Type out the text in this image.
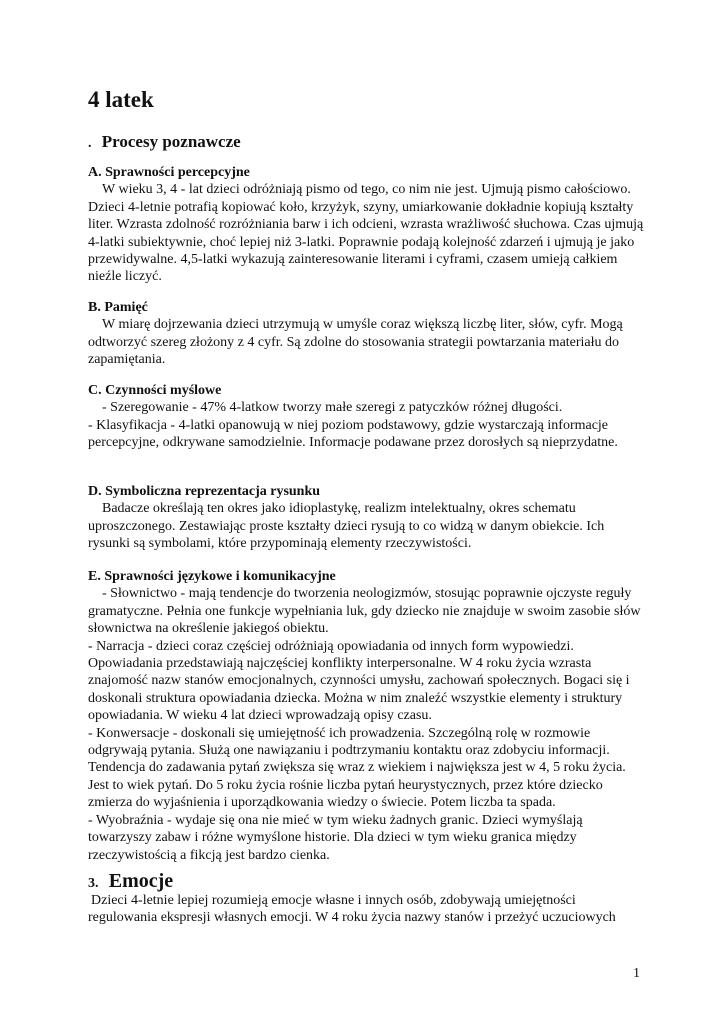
4 latek
. Procesy poznawcze
A. Sprawności percepcyjne

W wieku 3, 4 - lat dzieci odróżniają pismo od tego, co nim nie jest. Ujmują pismo całościowo. Dzieci 4-letnie potrafią kopiować koło, krzyżyk, szyny, umiarkowanie dokładnie kopiują kształty liter. Wzrasta zdolność rozróżniania barw i ich odcieni, wzrasta wrażliwość słuchowa. Czas ujmują 4-latki subiektywnie, choć lepiej niż 3-latki. Poprawnie podają kolejność zdarzeń i ujmują je jako przewidywalne. 4,5-latki wykazują zainteresowanie literami i cyframi, czasem umieją całkiem nieźle liczyć.

B. Pamięć

W miarę dojrzewania dzieci utrzymują w umyśle coraz większą liczbę liter, słów, cyfr. Mogą odtworzyć szereg złożony z 4 cyfr. Są zdolne do stosowania strategii powtarzania materiału do zapamiętania.

C. Czynności myślowe

- Szeregowanie - 47% 4-latkow tworzy małe szeregi z patyczków różnej długości.

- Klasyfikacja - 4-latki opanowują w niej poziom podstawowy, gdzie wystarczają informacje percepcyjne, odkrywane samodzielnie. Informacje podawane przez dorosłych są nieprzydatne.

D. Symboliczna reprezentacja rysunku

Badacze określają ten okres jako idioplastykę, realizm intelektualny, okres schematu uproszczonego. Zestawiając proste kształty dzieci rysują to co widzą w danym obiekcie. Ich rysunki są symbolami, które przypominają elementy rzeczywistości.

E. Sprawności językowe i komunikacyjne

- Słownictwo - mają tendencje do tworzenia neologizmów, stosując poprawnie ojczyste reguły gramatyczne. Pełnia one funkcje wypełniania luk, gdy dziecko nie znajduje w swoim zasobie słów słownictwa na określenie jakiegoś obiektu.

- Narracja - dzieci coraz częściej odróżniają opowiadania od innych form wypowiedzi. Opowiadania przedstawiają najczęściej konflikty interpersonalne. W 4 roku życia wzrasta znajomość nazw stanów emocjonalnych, czynności umysłu, zachowań społecznych. Bogaci się i doskonali struktura opowiadania dziecka. Można w nim znaleźć wszystkie elementy i struktury opowiadania. W wieku 4 lat dzieci wprowadzają opisy czasu.

- Konwersacje - doskonali się umiejętność ich prowadzenia. Szczególną rolę w rozmowie odgrywają pytania. Służą one nawiązaniu i podtrzymaniu kontaktu oraz zdobyciu informacji. Tendencja do zadawania pytań zwiększa się wraz z wiekiem i największa jest w 4, 5 roku życia. Jest to wiek pytań. Do 5 roku życia rośnie liczba pytań heurystycznych, przez które dziecko zmierza do wyjaśnienia i uporządkowania wiedzy o świecie. Potem liczba ta spada.

- Wyobraźnia - wydaje się ona nie mieć w tym wieku żadnych granic. Dzieci wymyślają towarzyszy zabaw i różne wymyślone historie. Dla dzieci w tym wieku granica między rzeczywistością a fikcją jest bardzo cienka.

3. Emocje

Dzieci 4-letnie lepiej rozumieją emocje własne i innych osób, zdobywają umiejętności regulowania ekspresji własnych emocji. W 4 roku życia nazwy stanów i przeżyć uczuciowych

1
